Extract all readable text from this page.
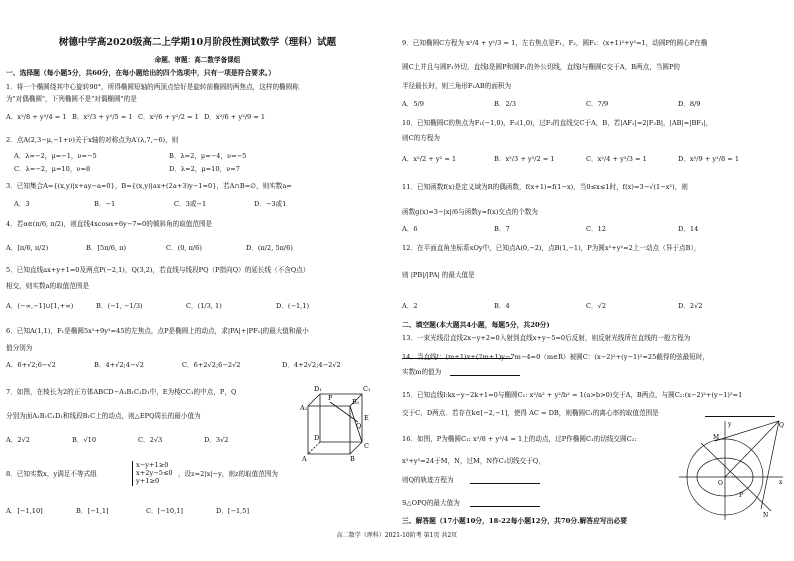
树德中学高2020级高二上学期10月阶段性测试数学（理科）试题
命题、审题：高二数学备课组
一、选择题（每小题5分，共60分，在每小题给出的四个选项中，只有一项是符合要求。）
1．将一个椭圆绕其中心旋转90°，所得椭圆短轴的两顶点恰好是旋转前椭圆的两焦点，这样的椭圆称
为"对偶椭圆"，下列椭圆不是"对偶椭圆"的是
A．x²/8 + y²/4 = 1 B．x²/3 + y²/5 = 1 C．x²/6 + y²/2 = 1 D．x²/6 + y²/9 = 1
2．点A(2,3−μ,−1+ν)关于x轴的对称点为A′(λ,7,−6)，则
A．λ=−2，μ=−1，ν=−5	B．λ=2，μ=−4，ν=−5
C．λ=−2，μ=10，ν=8	D．λ=2，μ=10，ν=7
3．已知集合A={(x,y)|x+ay−a=0}，B={(x,y)|ax+(2a+3)y−1=0}，若A∩B=∅，则实数a=
A．3	B．−1	C．3或−1	D．−3或1
4．若α∈(π/6, π/2)，则直线4xcosα+6y−7=0的倾斜角的取值范围是
A．[π/6, π/2)	B．[5π/6, π)	C．(0, π/6)	D．(π/2, 5π/6)
5．已知直线ax+y+1=0及两点P(−2,1)，Q(3,2)，若直线与线段PQ（P指向Q）的延长线（不含Q点）
相交，则实数a的取值范围是
A．(−∞,−1]∪[1,+∞)	B．(−1, −1/3)	C．(1/3, 1)	D．(−1,1)
6．已知A(1,1)，F₁是椭圆5x²+9y²=45的左焦点，点P是椭圆上的动点，求|PA|+|PF₁|的最大值和最小
值分别为
A．6+√2;6−√2	B．4+√2;4−√2	C．6+2√2;6−2√2	D．4+2√2;4−2√2
7．如图，在棱长为2的正方体ABCD−A₁B₁C₁D₁中，E为棱CC₁的中点，P，Q
分别为面A₁B₁C₁D₁和线段B₁C上的动点，则△EPQ周长的最小值为
A．2√2	B．√10	C．2√3	D．3√2
D₁	C₁
A₁
B₁
D
C
A	B
P
Q
E
8．已知实数x，y满足不等式组
x−y+1≥0
x+2y−5≤0
y+1≥0
，设z=2|x|−y，则z的取值范围为
A．[−1,10]	B．[−1,1]	C．[−10,1]	D．[−1,5]
9．已知椭圆C方程为 x²/4 + y²/3 = 1，左右焦点是F₁，F₂，圆F₁：(x+1)²+y²=1，动圆P的圆心P在椭
圆C上并且与圆F₁外切，直线l是圆P和圆F₁的外公切线，直线l与椭圆C交于A，B两点，当圆P的
半径最长时，则三角形F₁AB的面积为
A．5/9	B．2/3	C．7/9	D．8/9
10．已知椭圆C的焦点为F₁(−1,0)，F₂(1,0)，过F₂的直线交C于A，B，若|AF₂|=2|F₂B|，|AB|=|BF₁|，
则C的方程为
A．x²/2 + y² = 1	B．x²/3 + y²/2 = 1	C．x²/4 + y²/3 = 1	D．x²/9 + y²/8 = 1
11．已知函数f(x)是定义域为R的偶函数，f(x+1)=f(1−x)，当0≤x≤1时，f(x)=3−√(1−x²)，则
函数g(x)=3−|x|/6与函数y=f(x)交点的个数为
A．6	B．7	C．12	D．14
12．在平面直角坐标系xOy中，已知点A(0,−2)，点B(1,−1)，P为圆x²+y²=2上一动点（异于点B），
则 |PB|/|PA| 的最大值是
A．2	B．4	C．√2	D．2√2
二、填空题(本大题共4小题，每题5分，共20分)
13．一束光线沿直线2x−y+2=0入射到直线x+y−5=0后反射，则反射光线所在直线的一般方程为
14．当直线l：(m+1)x+(2m+1)y−7m−4=0（m∈R）被圆C：(x−2)²+(y−1)²=25截得的弦最短时，
实数m的值为
15．已知直线l:kx−y−2k+1=0与椭圆C₁: x²/a² + y²/b² = 1(a>b>0)交于A，B两点，与圆C₂:(x−2)²+(y−1)²=1
交于C，D两点．若存在k∈[−2,−1]，使得 AC = DB，则椭圆C₁的离心率的取值范围是
16．如图，P为椭圆C₁: x²/8 + y²/4 = 1上的动点，过P作椭圆C₁的切线交圆C₂:
x²+y²=24于M，N，过M，N作C₂切线交于Q，
则Q的轨迹方程为
S△OPQ的最大值为
M
Q
N
P
O	x
y
三、解答题（17小题10分，18-22每小题12分，共70分.解答应写出必要
高二数学（理科）2021-10阶考 第1页 共2页
